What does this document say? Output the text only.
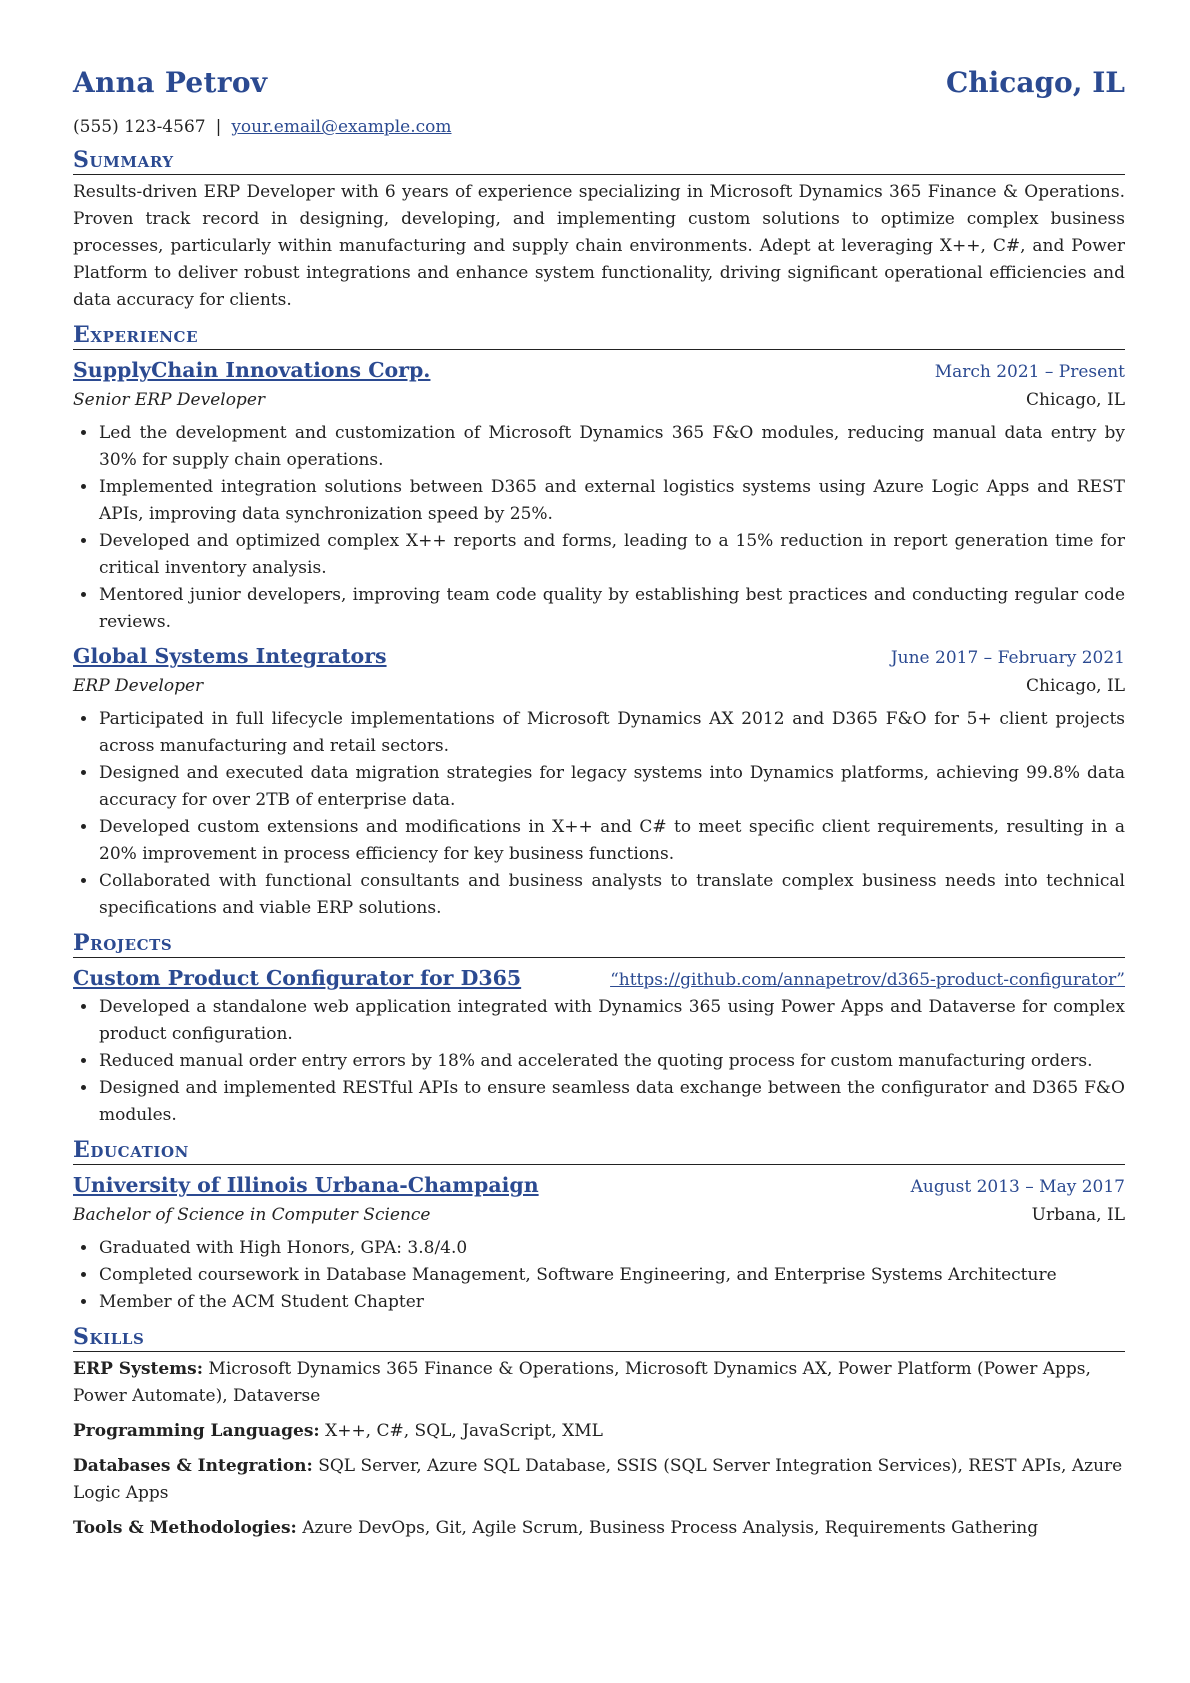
Anna Petrov	Chicago, IL
(555) 123-4567 | your.email@example.com
Summary
Results-driven ERP Developer with 6 years of experience specializing in Microsoft Dynamics 365 Finance & Operations. Proven track record in designing, developing, and implementing custom solutions to optimize complex business processes, particularly within manufacturing and supply chain environments. Adept at leveraging X++, C#, and Power Platform to deliver robust integrations and enhance system functionality, driving significant operational efficiencies and data accuracy for clients.
Experience
SupplyChain Innovations Corp.	March 2021 – Present
Senior ERP Developer	Chicago, IL
• Led the development and customization of Microsoft Dynamics 365 F&O modules, reducing manual data entry by 30% for supply chain operations.
• Implemented integration solutions between D365 and external logistics systems using Azure Logic Apps and REST APIs, improving data synchronization speed by 25%.
• Developed and optimized complex X++ reports and forms, leading to a 15% reduction in report generation time for critical inventory analysis.
• Mentored junior developers, improving team code quality by establishing best practices and conducting regular code reviews.
Global Systems Integrators	June 2017 – February 2021
ERP Developer	Chicago, IL
• Participated in full lifecycle implementations of Microsoft Dynamics AX 2012 and D365 F&O for 5+ client projects across manufacturing and retail sectors.
• Designed and executed data migration strategies for legacy systems into Dynamics platforms, achieving 99.8% data accuracy for over 2TB of enterprise data.
• Developed custom extensions and modifications in X++ and C# to meet specific client requirements, resulting in a 20% improvement in process efficiency for key business functions.
• Collaborated with functional consultants and business analysts to translate complex business needs into technical specifications and viable ERP solutions.
Projects
Custom Product Configurator for D365	“https://github.com/annapetrov/d365-product-configurator”
• Developed a standalone web application integrated with Dynamics 365 using Power Apps and Dataverse for complex product configuration.
• Reduced manual order entry errors by 18% and accelerated the quoting process for custom manufacturing orders.
• Designed and implemented RESTful APIs to ensure seamless data exchange between the configurator and D365 F&O modules.
Education
University of Illinois Urbana-Champaign	August 2013 – May 2017
Bachelor of Science in Computer Science	Urbana, IL
• Graduated with High Honors, GPA: 3.8/4.0
• Completed coursework in Database Management, Software Engineering, and Enterprise Systems Architecture
• Member of the ACM Student Chapter
Skills
ERP Systems: Microsoft Dynamics 365 Finance & Operations, Microsoft Dynamics AX, Power Platform (Power Apps, Power Automate), Dataverse
Programming Languages: X++, C#, SQL, JavaScript, XML
Databases & Integration: SQL Server, Azure SQL Database, SSIS (SQL Server Integration Services), REST APIs, Azure Logic Apps
Tools & Methodologies: Azure DevOps, Git, Agile Scrum, Business Process Analysis, Requirements Gathering
